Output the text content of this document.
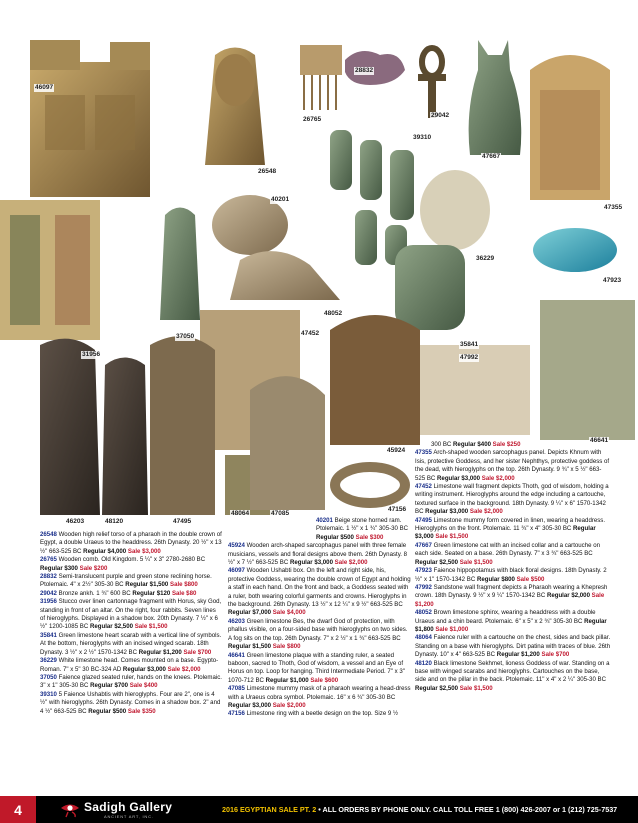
46097
28832
26765
29042
39310
47667
26548
40201
47355
36229
47923
37050
31956
48052
47452
35841
47992
46641
45924
47156
46203	48120	47495
48064	47085

26548 Wooden high relief torso of a pharaoh in the double crown of Egypt, a double Uraeus to the headdress. 26th Dynasty. 20 ½" x 13 ½" 663-525 BC Regular $4,000 Sale $3,000

26765 Wooden comb. Old Kingdom. 5 ¼" x 3" 2780-2680 BC Regular $300 Sale $200

28832 Semi-translucent purple and green stone reclining horse. Ptolemaic. 4" x 2½" 305-30 BC Regular $1,500 Sale $800

29042 Bronze ankh. 1 ¾" 600 BC Regular $120 Sale $80

31956 Stucco over linen cartonnage fragment with Horus, sky God, standing in front of an altar. On the right, four rabbits. Seven lines of hieroglyphs. Displayed in a shadow box. 20th Dynasty. 7 ½" x 6 ½" 1200-1085 BC Regular $2,500 Sale $1,500

35841 Green limestone heart scarab with a vertical line of symbols. At the bottom, hieroglyphs with an incised winged scarab. 18th Dynasty. 3 ½" x 2 ½" 1570-1342 BC Regular $1,200 Sale $700

36229 White limestone head. Comes mounted on a base. Egypto-Roman. 7" x 5" 30 BC-324 AD Regular $3,000 Sale $2,000

37050 Faience glazed seated ruler, hands on the knees. Ptolemaic. 3" x 1" 305-30 BC Regular $700 Sale $400

39310 5 Faience Ushabtis with hieroglyphs. Four are 2", one is 4 ½" with hieroglyphs. 26th Dynasty. Comes in a shadow box. 2" and 4 ½" 663-525 BC Regular $500 Sale $350

40201 Beige stone horned ram. Ptolemaic. 1 ½" x 1 ¾" 305-30 BC Regular $500 Sale $300

45924 Wooden arch-shaped sarcophagus panel with three female musicians, vessels and floral designs above them. 26th Dynasty. 8 ½" x 7 ½" 663-525 BC Regular $3,000 Sale $2,000

46097 Wooden Ushabti box. On the left and right side, his, protective Goddess, wearing the double crown of Egypt and holding a staff in each hand. On the front and back, a Goddess seated with a ruler, both wearing colorful garments and crowns. Hieroglyphs in the background. 26th Dynasty. 13 ½" x 12 ¼" x 9 ½" 663-525 BC Regular $7,000 Sale $4,000

46203 Green limestone Bes, the dwarf God of protection, with phallus visible, on a four-sided base with hieroglyphs on two sides. A fog sits on the top. 26th Dynasty. 7" x 2 ½" x 1 ¾" 663-525 BC Regular $1,500 Sale $800

46641 Green limestone plaque with a standing ruler, a seated baboon, sacred to Thoth, God of wisdom, a vessel and an Eye of Horus on top. Loop for hanging. Third Intermediate Period. 7" x 3" 1070-712 BC Regular $1,000 Sale $600

47085 Limestone mummy mask of a pharaoh wearing a head-dress with a Uraeus cobra symbol. Ptolemaic. 16" x 6 ¾" 305-30 BC Regular $3,000 Sale $2,000

47156 Limestone ring with a beetle design on the top. Size 9 ½

300 BC Regular $400 Sale $250

47355 Arch-shaped wooden sarcophagus panel. Depicts Khnum with Isis, protective Goddess, and her sister Nephthys, protective goddess of the dead, with hieroglyphs on the top. 26th Dynasty. 9 ¾" x 5 ½" 663-525 BC Regular $3,000 Sale $2,000

47452 Limestone wall fragment depicts Thoth, god of wisdom, holding a writing instrument. Hieroglyphs around the edge including a cartouche, textured surface in the background. 18th Dynasty. 9 ¼" x 6" 1570-1342 BC Regular $3,000 Sale $2,000

47495 Limestone mummy form covered in linen, wearing a headdress. Hieroglyphs on the front. Ptolemaic. 11 ¾" x 4" 305-30 BC Regular $3,000 Sale $1,500

47667 Green limestone cat with an incised collar and a cartouche on each side. Seated on a base. 26th Dynasty. 7" x 3 ¾" 663-525 BC Regular $2,500 Sale $1,500

47923 Faience hippopotamus with black floral designs. 18th Dynasty. 2 ½" x 1" 1570-1342 BC Regular $800 Sale $500

47992 Sandstone wall fragment depicts a Pharaoh wearing a Khepresh crown. 18th Dynasty. 9 ½" x 9 ¼" 1570-1342 BC Regular $2,000 Sale $1,200

48052 Brown limestone sphinx, wearing a headdress with a double Uraeus and a chin beard. Ptolemaic. 6" x 5" x 2 ¾" 305-30 BC Regular $1,800 Sale $1,000

48064 Faience ruler with a cartouche on the chest, sides and back pillar. Standing on a base with hieroglyphs. Dirt patina with traces of blue. 26th Dynasty. 10" x 4" 663-525 BC Regular $1,200 Sale $700

48120 Black limestone Sekhmet, lioness Goddess of war. Standing on a base with winged scarabs and hieroglyphs. Cartouches on the base, side and on the pillar in the back. Ptolemaic. 11" x 4" x 2 ¼" 305-30 BC Regular $2,500 Sale $1,500

4	Sadigh Gallery
ANCIENT ART, INC.
2016 EGYPTIAN SALE PT. 2 • ALL ORDERS BY PHONE ONLY. CALL TOLL FREE 1 (800) 426-2007 or 1 (212) 725-7537
